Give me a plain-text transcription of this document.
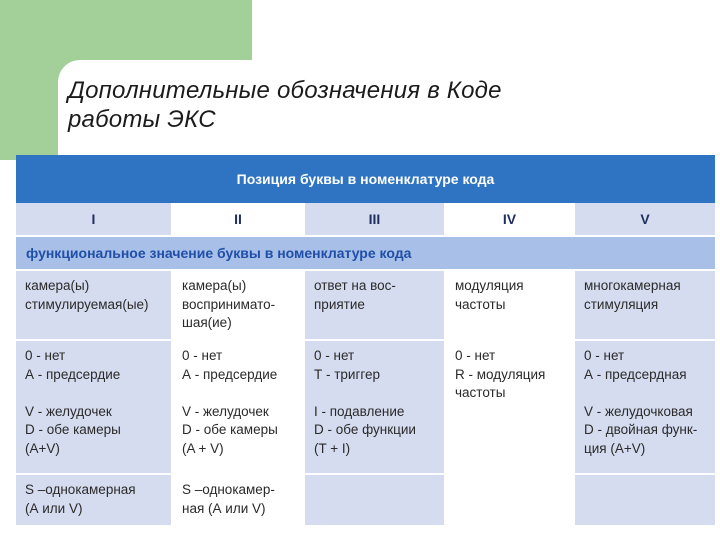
Дополнительные обозначения в Коде
работы ЭКС
Позиция буквы в номенклатуре кода				
I	II	III	IV	V
функциональное значение буквы в номенклатуре кода				
камера(ы)
стимулируемая(ые)	камера(ы)
воспринимато-
шая(ие)	ответ на вос-
приятие	модуляция
частоты	многокамерная
стимуляция
0 - нет
А - предсердие

V - желудочек
D - обе камеры
(A+V)	0 - нет
А - предсердие

V - желудочек
D - обе камеры
(A + V)	0 - нет
Т - триггер

I - подавление
D - обе функции
(T + I)	0 - нет
R - модуляция
частоты	0 - нет
А - предсердная

V - желудочковая
D - двойная функ-
ция (A+V)
S –однокамерная
(А или V)	S –однокамер-
ная (А или V)			
